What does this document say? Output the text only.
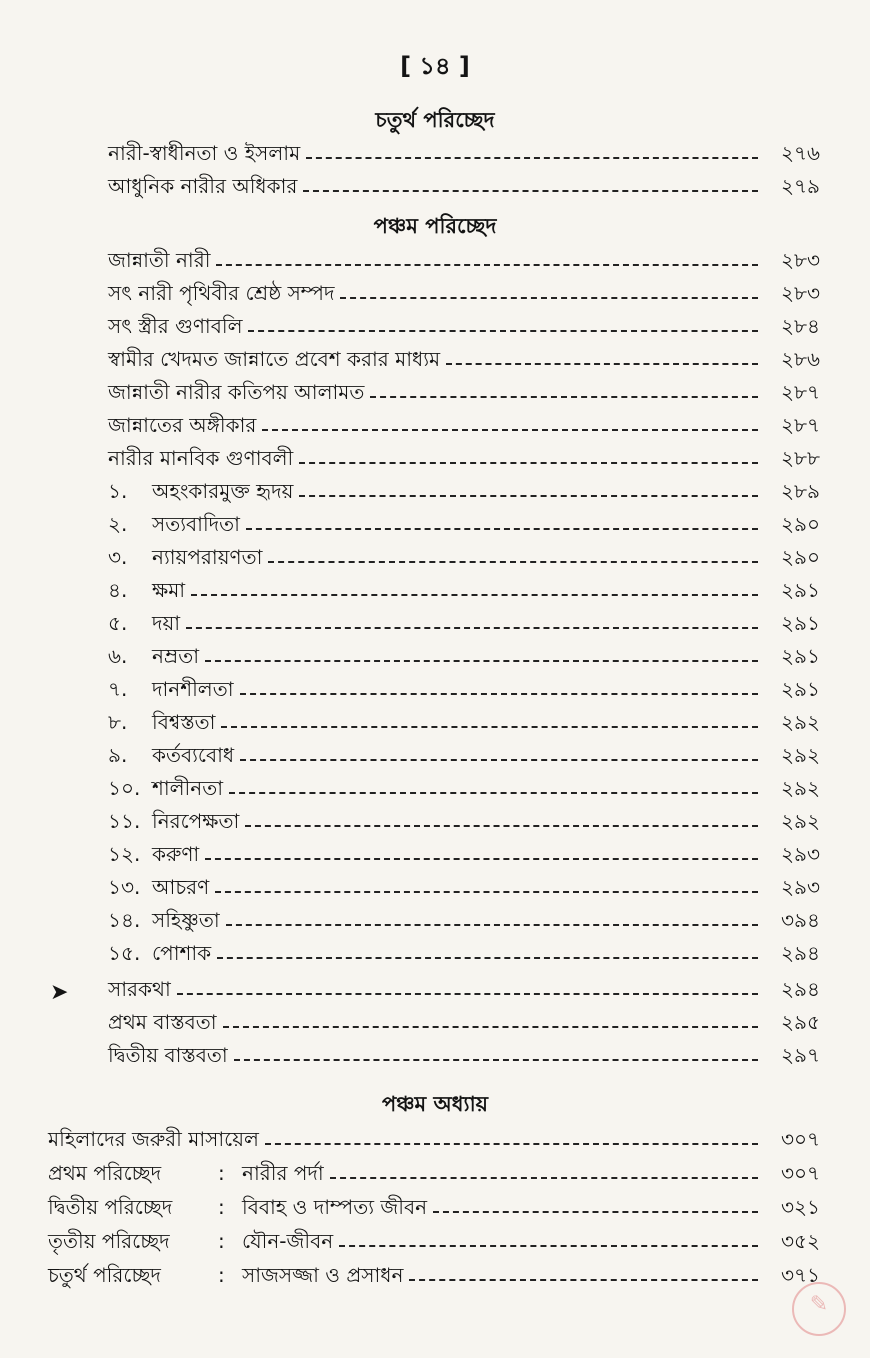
[ ১৪ ]
চতুর্থ পরিচ্ছেদ
নারী-স্বাধীনতা ও ইসলাম	২৭৬
আধুনিক নারীর অধিকার	২৭৯
পঞ্চম পরিচ্ছেদ
জান্নাতী নারী	২৮৩
সৎ নারী পৃথিবীর শ্রেষ্ঠ সম্পদ	২৮৩
সৎ স্ত্রীর গুণাবলি	২৮৪
স্বামীর খেদমত জান্নাতে প্রবেশ করার মাধ্যম	২৮৬
জান্নাতী নারীর কতিপয় আলামত	২৮৭
জান্নাতের অঙ্গীকার	২৮৭
নারীর মানবিক গুণাবলী	২৮৮
১.	অহংকারমুক্ত হৃদয়	২৮৯
২.	সত্যবাদিতা	২৯০
৩.	ন্যায়পরায়ণতা	২৯০
৪.	ক্ষমা	২৯১
৫.	দয়া	২৯১
৬.	নম্রতা	২৯১
৭.	দানশীলতা	২৯১
৮.	বিশ্বস্ততা	২৯২
৯.	কর্তব্যবোধ	২৯২
১০. শালীনতা	২৯২
১১. নিরপেক্ষতা	২৯২
১২. করুণা	২৯৩
১৩. আচরণ	২৯৩
১৪. সহিষ্ণুতা	৩৯৪
১৫. পোশাক	২৯৪
➤ সারকথা	২৯৪
প্রথম বাস্তবতা	২৯৫
দ্বিতীয় বাস্তবতা	২৯৭
পঞ্চম অধ্যায়
মহিলাদের জরুরী মাসায়েল	৩০৭
প্রথম পরিচ্ছেদ	: নারীর পর্দা	৩০৭
দ্বিতীয় পরিচ্ছেদ	: বিবাহ ও দাম্পত্য জীবন	৩২১
তৃতীয় পরিচ্ছেদ	: যৌন-জীবন	৩৫২
চতুর্থ পরিচ্ছেদ	: সাজসজ্জা ও প্রসাধন	৩৭১
✎
